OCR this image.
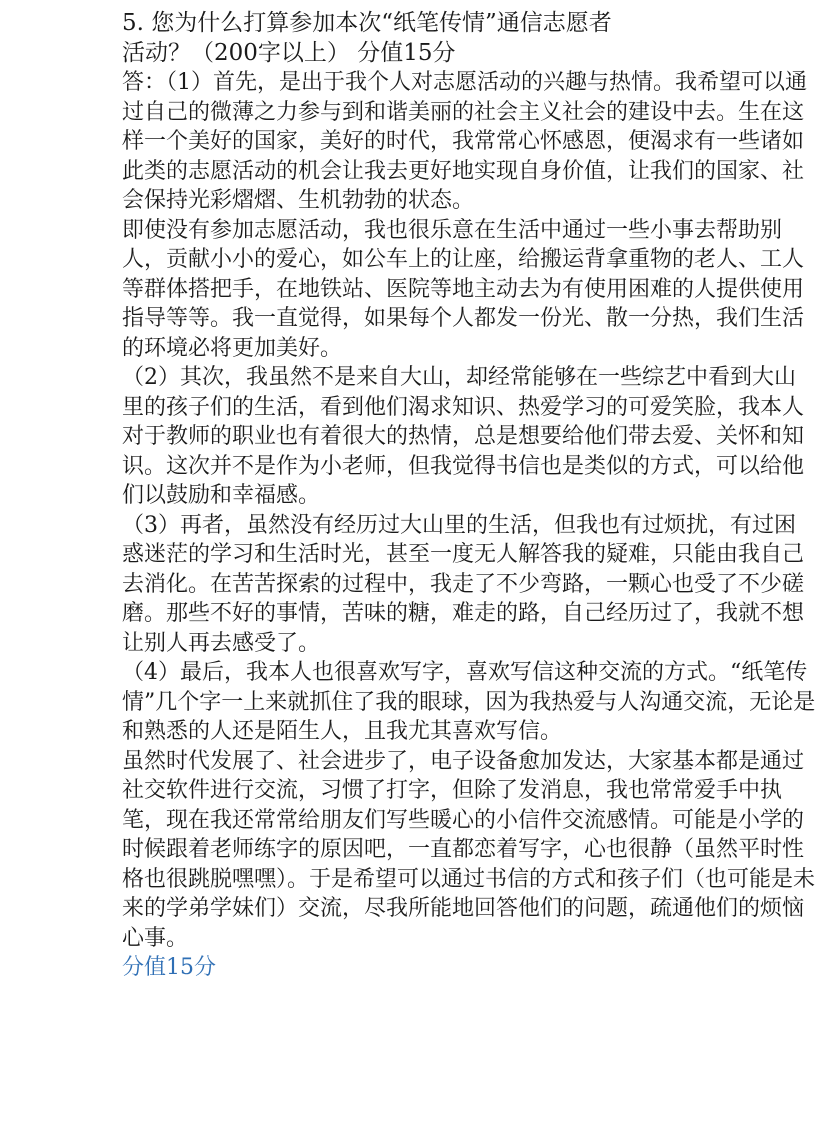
5. 您为什么打算参加本次“纸笔传情”通信志愿者
活动？（200字以上） 分值15分

答：（1）首先，是出于我个人对志愿活动的兴趣与热情。我希望可以通过自己的微薄之力参与到和谐美丽的社会主义社会的建设中去。生在这样一个美好的国家，美好的时代，我常常心怀感恩，便渴求有一些诸如此类的志愿活动的机会让我去更好地实现自身价值，让我们的国家、社会保持光彩熠熠、生机勃勃的状态。

即使没有参加志愿活动，我也很乐意在生活中通过一些小事去帮助别人，贡献小小的爱心，如公车上的让座，给搬运背拿重物的老人、工人等群体搭把手，在地铁站、医院等地主动去为有使用困难的人提供使用指导等等。我一直觉得，如果每个人都发一份光、散一分热，我们生活的环境必将更加美好。

（2）其次，我虽然不是来自大山，却经常能够在一些综艺中看到大山里的孩子们的生活，看到他们渴求知识、热爱学习的可爱笑脸，我本人对于教师的职业也有着很大的热情，总是想要给他们带去爱、关怀和知识。这次并不是作为小老师，但我觉得书信也是类似的方式，可以给他们以鼓励和幸福感。

（3）再者，虽然没有经历过大山里的生活，但我也有过烦扰，有过困惑迷茫的学习和生活时光，甚至一度无人解答我的疑难，只能由我自己去消化。在苦苦探索的过程中，我走了不少弯路，一颗心也受了不少磋磨。那些不好的事情，苦味的糖，难走的路，自己经历过了，我就不想让别人再去感受了。

（4）最后，我本人也很喜欢写字，喜欢写信这种交流的方式。“纸笔传情”几个字一上来就抓住了我的眼球，因为我热爱与人沟通交流，无论是和熟悉的人还是陌生人，且我尤其喜欢写信。

虽然时代发展了、社会进步了，电子设备愈加发达，大家基本都是通过社交软件进行交流，习惯了打字，但除了发消息，我也常常爱手中执笔，现在我还常常给朋友们写些暖心的小信件交流感情。可能是小学的时候跟着老师练字的原因吧，一直都恋着写字，心也很静（虽然平时性格也很跳脱嘿嘿）。于是希望可以通过书信的方式和孩子们（也可能是未来的学弟学妹们）交流，尽我所能地回答他们的问题，疏通他们的烦恼心事。

分值15分
